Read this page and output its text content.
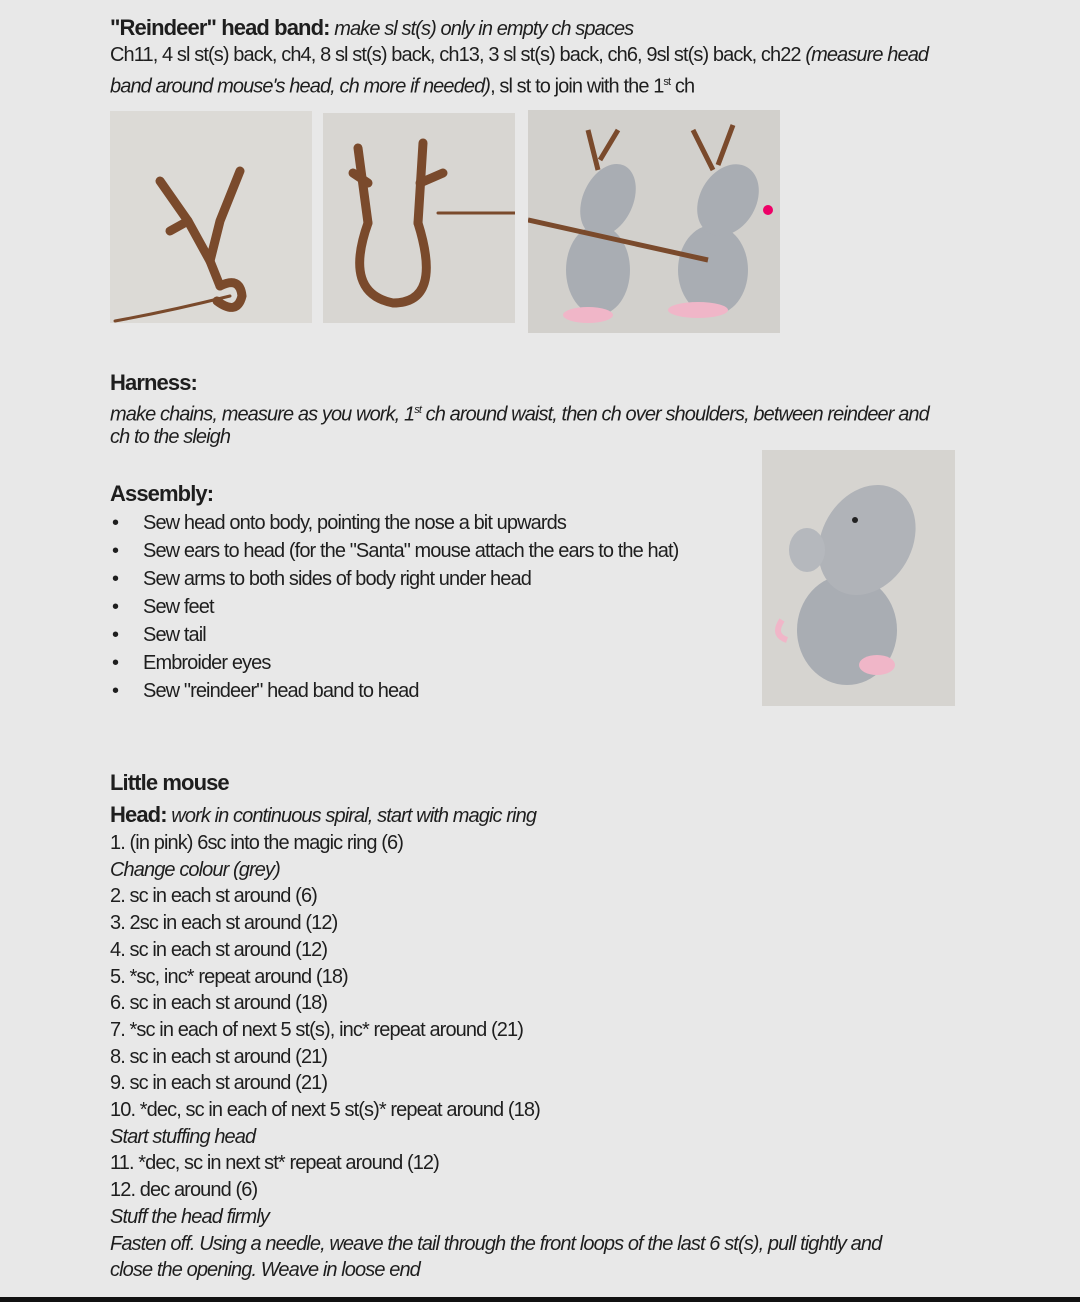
"Reindeer" head band: make sl st(s) only in empty ch spaces
Ch11, 4 sl st(s) back, ch4, 8 sl st(s) back, ch13, 3 sl st(s) back, ch6, 9sl st(s) back, ch22 (measure head
band around mouse's head, ch more if needed), sl st to join with the 1st ch
Harness:
make chains, measure as you work, 1st ch around waist, then ch over shoulders, between reindeer and
ch to the sleigh
Assembly:
• Sew head onto body, pointing the nose a bit upwards
• Sew ears to head (for the "Santa" mouse attach the ears to the hat)
• Sew arms to both sides of body right under head
• Sew feet
• Sew tail
• Embroider eyes
• Sew "reindeer" head band to head
Little mouse
Head: work in continuous spiral, start with magic ring
1. (in pink) 6sc into the magic ring (6)
Change colour (grey)
2. sc in each st around (6)
3. 2sc in each st around (12)
4. sc in each st around (12)
5. *sc, inc* repeat around (18)
6. sc in each st around (18)
7. *sc in each of next 5 st(s), inc* repeat around (21)
8. sc in each st around (21)
9. sc in each st around (21)
10. *dec, sc in each of next 5 st(s)* repeat around (18)
Start stuffing head
11. *dec, sc in next st* repeat around (12)
12. dec around (6)
Stuff the head firmly
Fasten off. Using a needle, weave the tail through the front loops of the last 6 st(s), pull tightly and
close the opening. Weave in loose end
